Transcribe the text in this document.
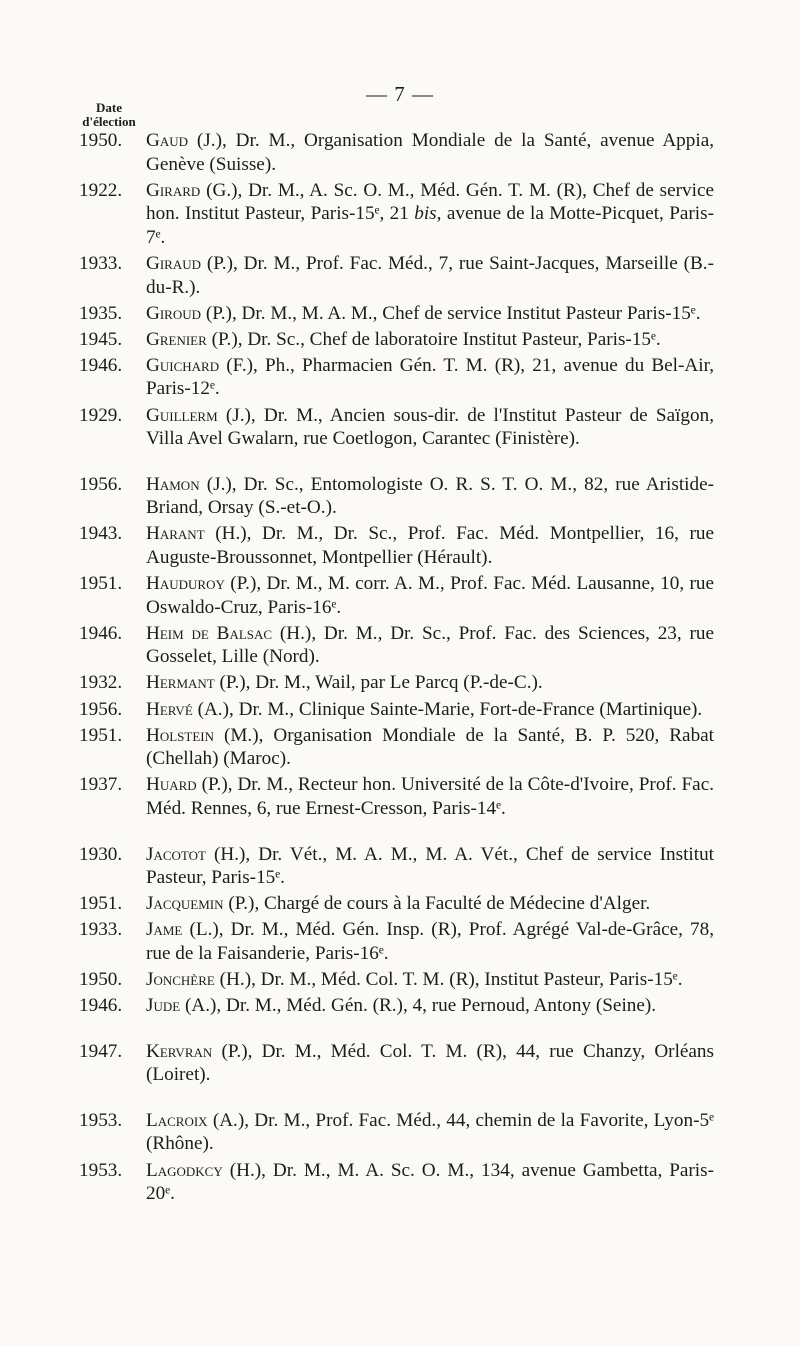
— 7 —
Date
d'élection
1950.	Gaud (J.), Dr. M., Organisation Mondiale de la Santé, avenue Appia, Genève (Suisse).
1922.	Girard (G.), Dr. M., A. Sc. O. M., Méd. Gén. T. M. (R), Chef de service hon. Institut Pasteur, Paris-15ᵉ, 21 bis, avenue de la Motte-Picquet, Paris-7ᵉ.
1933.	Giraud (P.), Dr. M., Prof. Fac. Méd., 7, rue Saint-Jacques, Marseille (B.-du-R.).
1935.	Giroud (P.), Dr. M., M. A. M., Chef de service Institut Pasteur Paris-15ᵉ.
1945.	Grenier (P.), Dr. Sc., Chef de laboratoire Institut Pasteur, Paris-15ᵉ.
1946.	Guichard (F.), Ph., Pharmacien Gén. T. M. (R), 21, avenue du Bel-Air, Paris-12ᵉ.
1929.	Guillerm (J.), Dr. M., Ancien sous-dir. de l'Institut Pasteur de Saïgon, Villa Avel Gwalarn, rue Coetlogon, Carantec (Finistère).
1956.	Hamon (J.), Dr. Sc., Entomologiste O. R. S. T. O. M., 82, rue Aristide-Briand, Orsay (S.-et-O.).
1943.	Harant (H.), Dr. M., Dr. Sc., Prof. Fac. Méd. Montpellier, 16, rue Auguste-Broussonnet, Montpellier (Hérault).
1951.	Hauduroy (P.), Dr. M., M. corr. A. M., Prof. Fac. Méd. Lausanne, 10, rue Oswaldo-Cruz, Paris-16ᵉ.
1946.	Heim de Balsac (H.), Dr. M., Dr. Sc., Prof. Fac. des Sciences, 23, rue Gosselet, Lille (Nord).
1932.	Hermant (P.), Dr. M., Wail, par Le Parcq (P.-de-C.).
1956.	Hervé (A.), Dr. M., Clinique Sainte-Marie, Fort-de-France (Martinique).
1951.	Holstein (M.), Organisation Mondiale de la Santé, B. P. 520, Rabat (Chellah) (Maroc).
1937.	Huard (P.), Dr. M., Recteur hon. Université de la Côte-d'Ivoire, Prof. Fac. Méd. Rennes, 6, rue Ernest-Cresson, Paris-14ᵉ.
1930.	Jacotot (H.), Dr. Vét., M. A. M., M. A. Vét., Chef de service Institut Pasteur, Paris-15ᵉ.
1951.	Jacquemin (P.), Chargé de cours à la Faculté de Médecine d'Alger.
1933.	Jame (L.), Dr. M., Méd. Gén. Insp. (R), Prof. Agrégé Val-de-Grâce, 78, rue de la Faisanderie, Paris-16ᵉ.
1950.	Jonchère (H.), Dr. M., Méd. Col. T. M. (R), Institut Pasteur, Paris-15ᵉ.
1946.	Jude (A.), Dr. M., Méd. Gén. (R.), 4, rue Pernoud, Antony (Seine).
1947.	Kervran (P.), Dr. M., Méd. Col. T. M. (R), 44, rue Chanzy, Orléans (Loiret).
1953.	Lacroix (A.), Dr. M., Prof. Fac. Méd., 44, chemin de la Favorite, Lyon-5ᵉ (Rhône).
1953.	Lagodkcy (H.), Dr. M., M. A. Sc. O. M., 134, avenue Gambetta, Paris-20ᵉ.
